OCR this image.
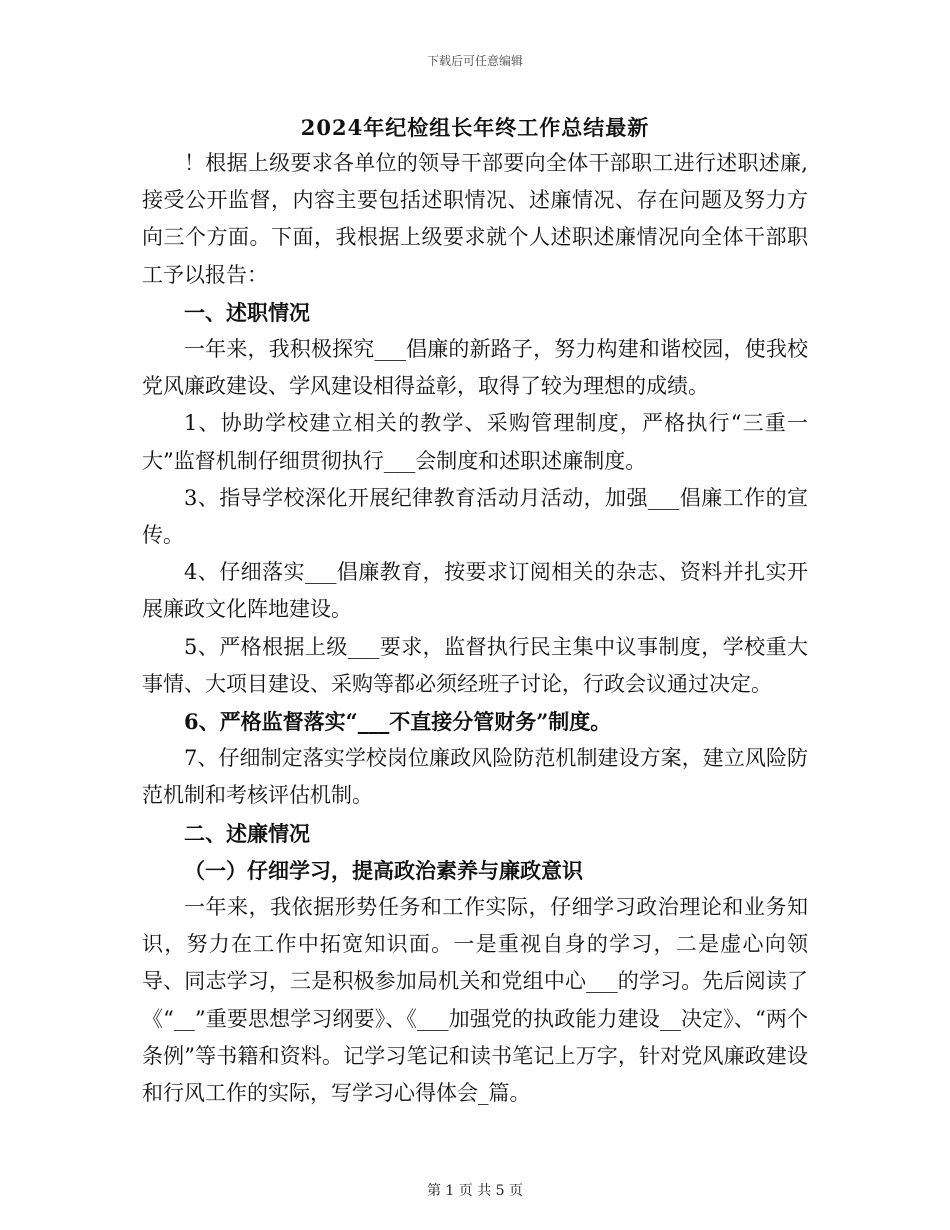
下载后可任意编辑
2024年纪检组长年终工作总结最新

！根据上级要求各单位的领导干部要向全体干部职工进行述职述廉,接受公开监督，内容主要包括述职情况、述廉情况、存在问题及努力方向三个方面。下面，我根据上级要求就个人述职述廉情况向全体干部职工予以报告：

一、述职情况

一年来，我积极探究___倡廉的新路子，努力构建和谐校园，使我校党风廉政建设、学风建设相得益彰，取得了较为理想的成绩。

1、协助学校建立相关的教学、采购管理制度，严格执行“三重一大”监督机制仔细贯彻执行___会制度和述职述廉制度。

3、指导学校深化开展纪律教育活动月活动，加强___倡廉工作的宣传。

4、仔细落实___倡廉教育，按要求订阅相关的杂志、资料并扎实开展廉政文化阵地建设。

5、严格根据上级___要求，监督执行民主集中议事制度，学校重大事情、大项目建设、采购等都必须经班子讨论，行政会议通过决定。

6、严格监督落实“___不直接分管财务”制度。

7、仔细制定落实学校岗位廉政风险防范机制建设方案，建立风险防范机制和考核评估机制。

二、述廉情况

（一）仔细学习，提高政治素养与廉政意识

一年来，我依据形势任务和工作实际，仔细学习政治理论和业务知识，努力在工作中拓宽知识面。一是重视自身的学习，二是虚心向领导、同志学习，三是积极参加局机关和党组中心___的学习。先后阅读了《“__”重要思想学习纲要》、《___加强党的执政能力建设__决定》、“两个条例”等书籍和资料。记学习笔记和读书笔记上万字，针对党风廉政建设和行风工作的实际，写学习心得体会_篇。

第 1 页 共 5 页
